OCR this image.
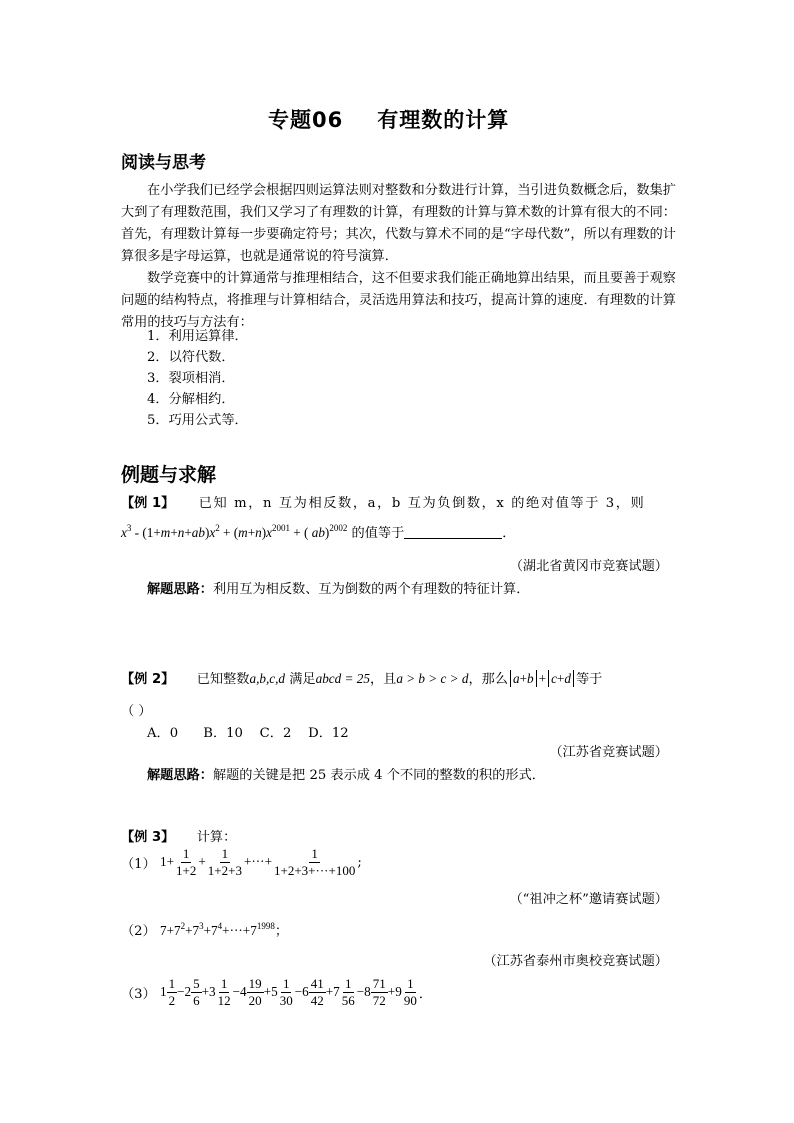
专题06 有理数的计算
阅读与思考
在小学我们已经学会根据四则运算法则对整数和分数进行计算，当引进负数概念后，数集扩大到了有理数范围，我们又学习了有理数的计算，有理数的计算与算术数的计算有很大的不同：首先，有理数计算每一步要确定符号；其次，代数与算术不同的是“字母代数”，所以有理数的计算很多是字母运算，也就是通常说的符号演算．
数学竞赛中的计算通常与推理相结合，这不但要求我们能正确地算出结果，而且要善于观察问题的结构特点，将推理与计算相结合，灵活选用算法和技巧，提高计算的速度．有理数的计算常用的技巧与方法有：
1．利用运算律．
2．以符代数．
3．裂项相消．
4．分解相约．
5．巧用公式等．
例题与求解
【例 1】 已知 m，n 互为相反数，a，b 互为负倒数，x 的绝对值等于 3，则
$x^3 - (1+m+n+ab)x^2 + (m+n)x^{2001}$ + ( ab)$^{2002}$ 的值等于	．
（湖北省黄冈市竞赛试题）
解题思路：利用互为相反数、互为倒数的两个有理数的特征计算．
【例 2】 已知整数a,b,c,d 满足abcd = 25，且a > b > c > d，那么 a+b + c+d 等于
（ ）
A．0      B．10    C．2    D．12
（江苏省竞赛试题）
解题思路：解题的关键是把 25 表示成 4 个不同的整数的积的形式．
【例 3】 计算：
（1） $1+ \frac{1}{1+2} + \frac{1}{1+2+3}$ +···+ $\frac{1}{1+2+3+\cdot\cdot\cdot+100}$ ;
（“祖冲之杯”邀请赛试题）
（2） $7+7^2+7^3+7^4+\cdot\cdot\cdot+7^{1998}$；
（江苏省泰州市奥校竞赛试题）
（3） $1 \frac{1}{2} -2 \frac{5}{6} +3 \frac{1}{12} -4 \frac{19}{20} +5 \frac{1}{30} -6 \frac{41}{42} +7 \frac{1}{56} -8 \frac{71}{72} +9 \frac{1}{90}$ ．
